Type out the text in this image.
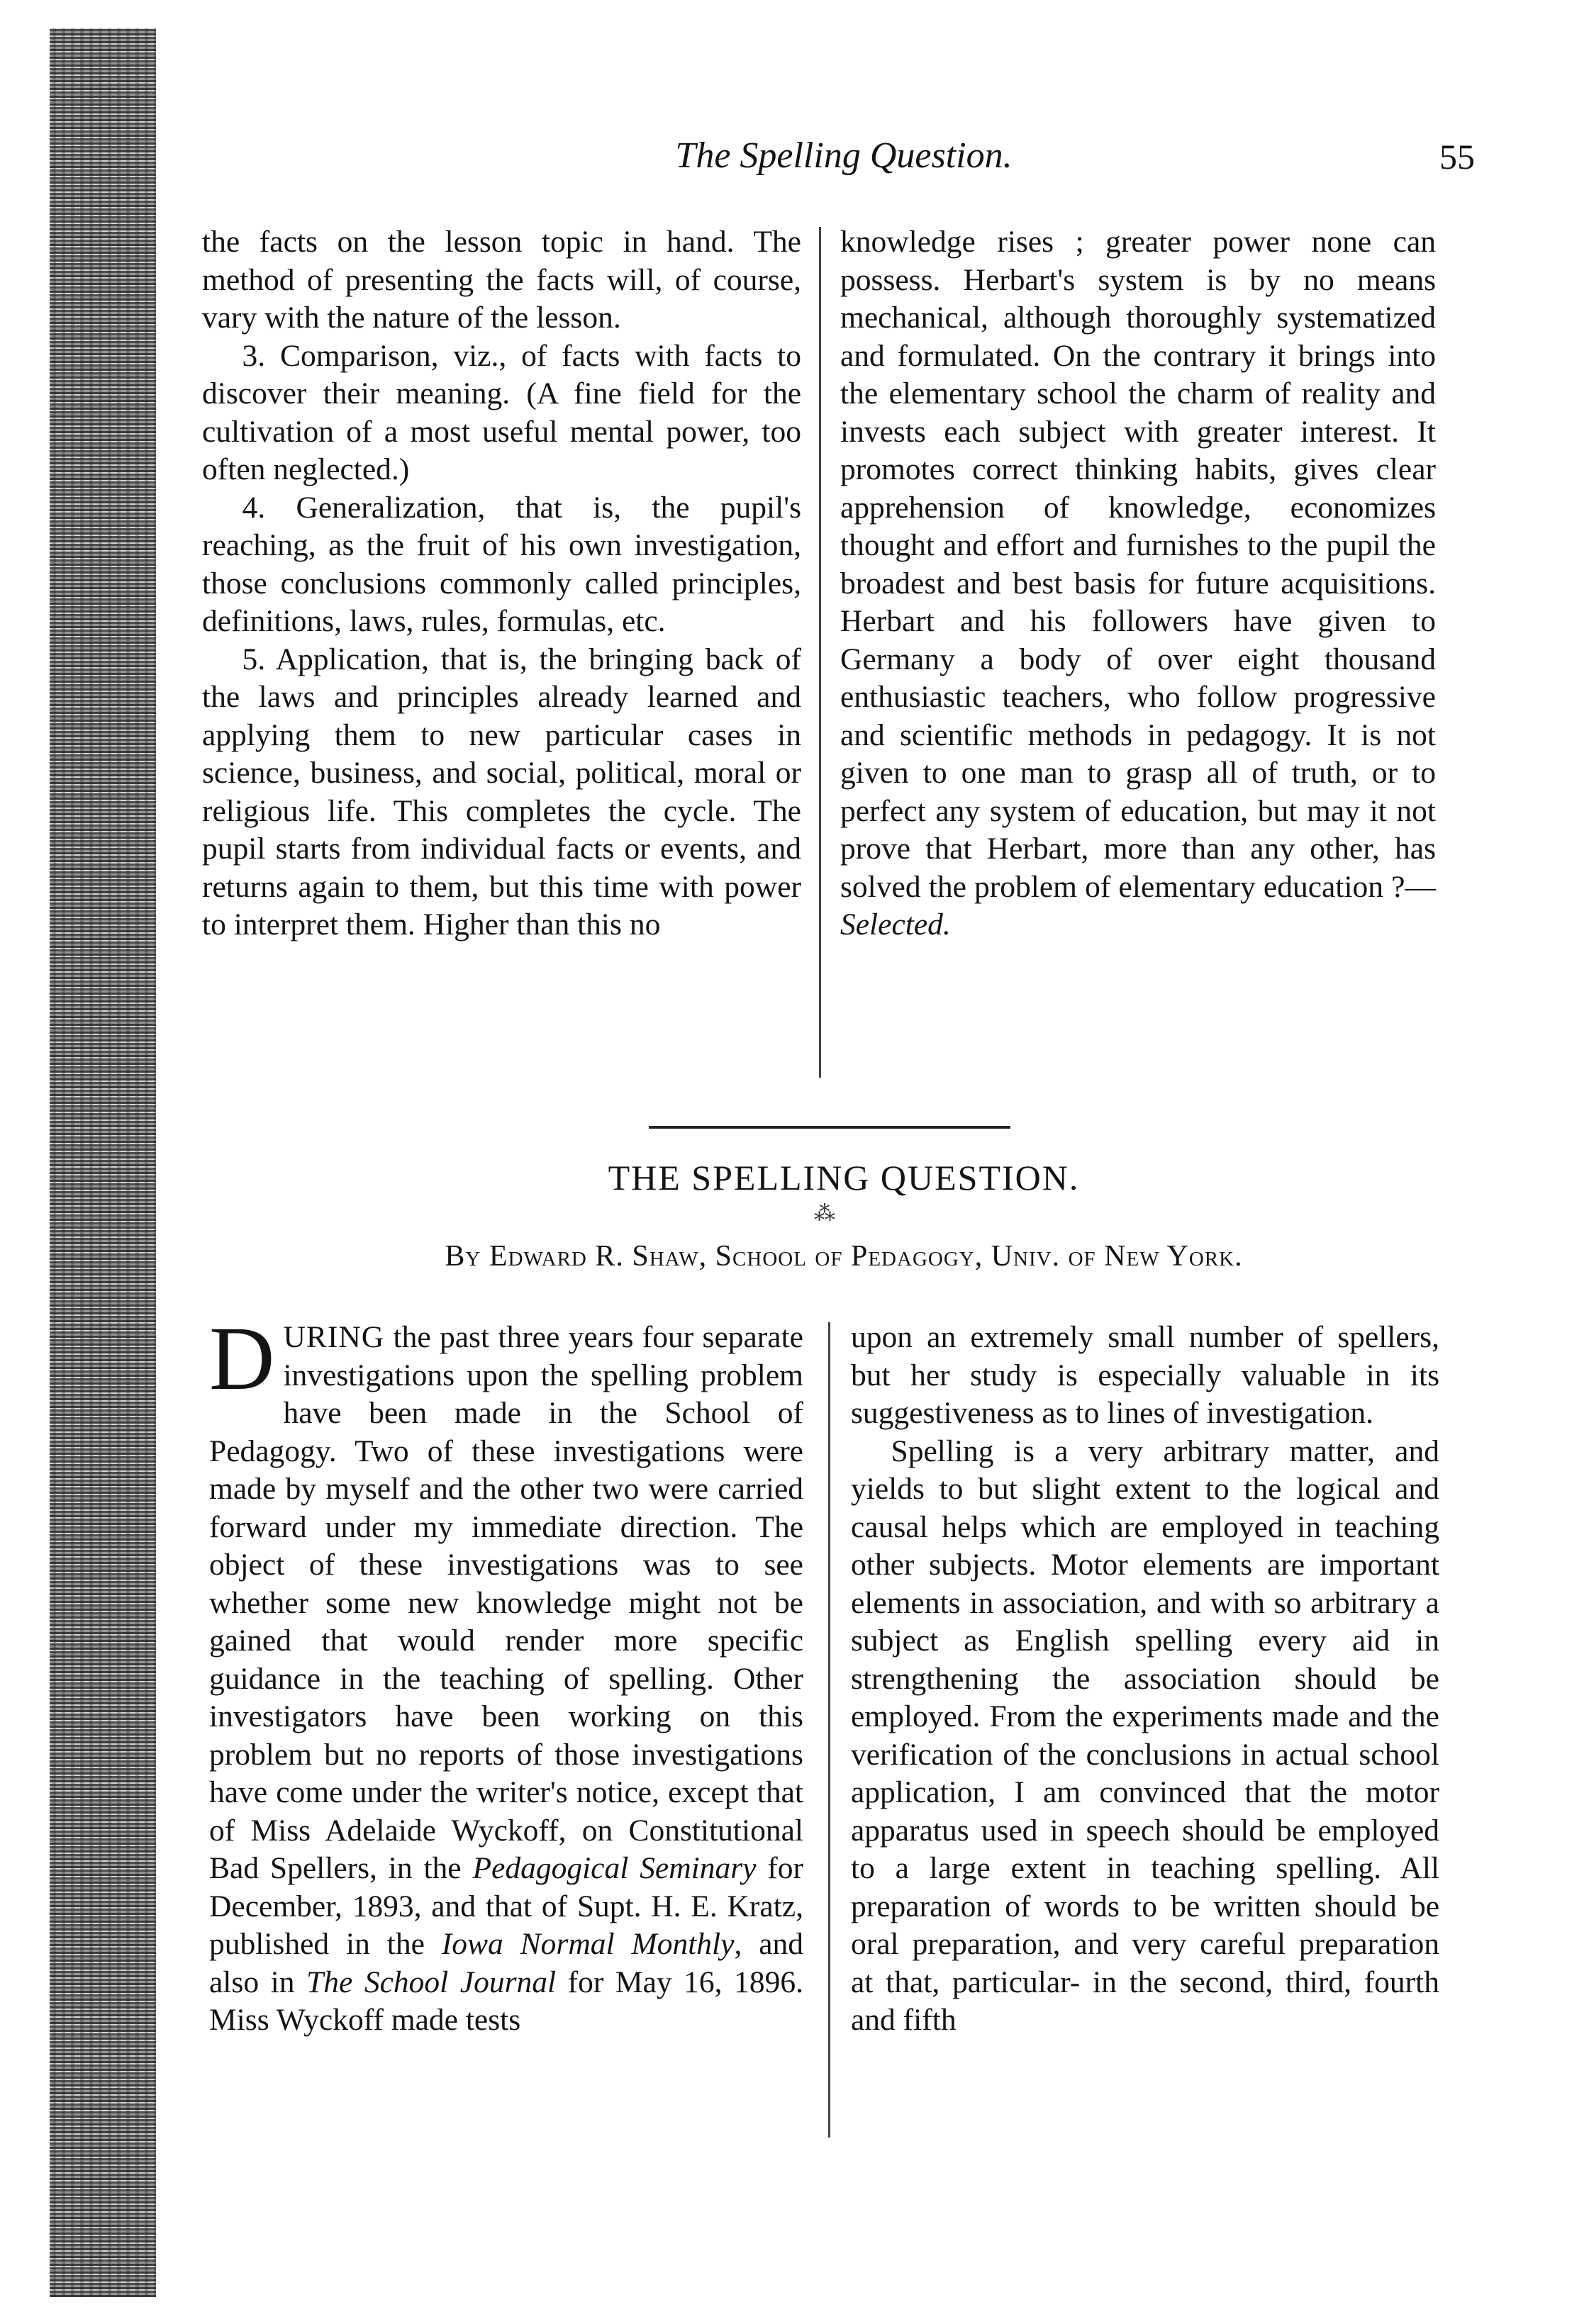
The Spelling Question.	55

the facts on the lesson topic in hand. The method of presenting the facts will, of course, vary with the nature of the lesson.

3. Comparison, viz., of facts with facts to discover their meaning. (A fine field for the cultivation of a most useful mental power, too often neglected.)

4. Generalization, that is, the pupil's reaching, as the fruit of his own investigation, those conclusions commonly called principles, definitions, laws, rules, formulas, etc.

5. Application, that is, the bringing back of the laws and principles already learned and applying them to new particular cases in science, business, and social, political, moral or religious life. This completes the cycle. The pupil starts from individual facts or events, and returns again to them, but this time with power to interpret them. Higher than this no

knowledge rises ; greater power none can possess. Herbart's system is by no means mechanical, although thoroughly systematized and formulated. On the contrary it brings into the elementary school the charm of reality and invests each subject with greater interest. It promotes correct thinking habits, gives clear apprehension of knowledge, economizes thought and effort and furnishes to the pupil the broadest and best basis for future acquisitions. Herbart and his followers have given to Germany a body of over eight thousand enthusiastic teachers, who follow progressive and scientific methods in pedagogy. It is not given to one man to grasp all of truth, or to perfect any system of education, but may it not prove that Herbart, more than any other, has solved the problem of elementary education ?—Selected.

THE SPELLING QUESTION.
⁂
By Edward R. Shaw, School of Pedagogy, Univ. of New York.

DURING the past three years four separate investigations upon the spelling problem have been made in the School of Pedagogy. Two of these investigations were made by myself and the other two were carried forward under my immediate direction. The object of these investigations was to see whether some new knowledge might not be gained that would render more specific guidance in the teaching of spelling. Other investigators have been working on this problem but no reports of those investigations have come under the writer's notice, except that of Miss Adelaide Wyckoff, on Constitutional Bad Spellers, in the Pedagogical Seminary for December, 1893, and that of Supt. H. E. Kratz, published in the Iowa Normal Monthly, and also in The School Journal for May 16, 1896. Miss Wyckoff made tests

upon an extremely small number of spellers, but her study is especially valuable in its suggestiveness as to lines of investigation.

Spelling is a very arbitrary matter, and yields to but slight extent to the logical and causal helps which are employed in teaching other subjects. Motor elements are important elements in association, and with so arbitrary a subject as English spelling every aid in strengthening the association should be employed. From the experiments made and the verification of the conclusions in actual school application, I am convinced that the motor apparatus used in speech should be employed to a large extent in teaching spelling. All preparation of words to be written should be oral preparation, and very careful preparation at that, particular- in the second, third, fourth and fifth
